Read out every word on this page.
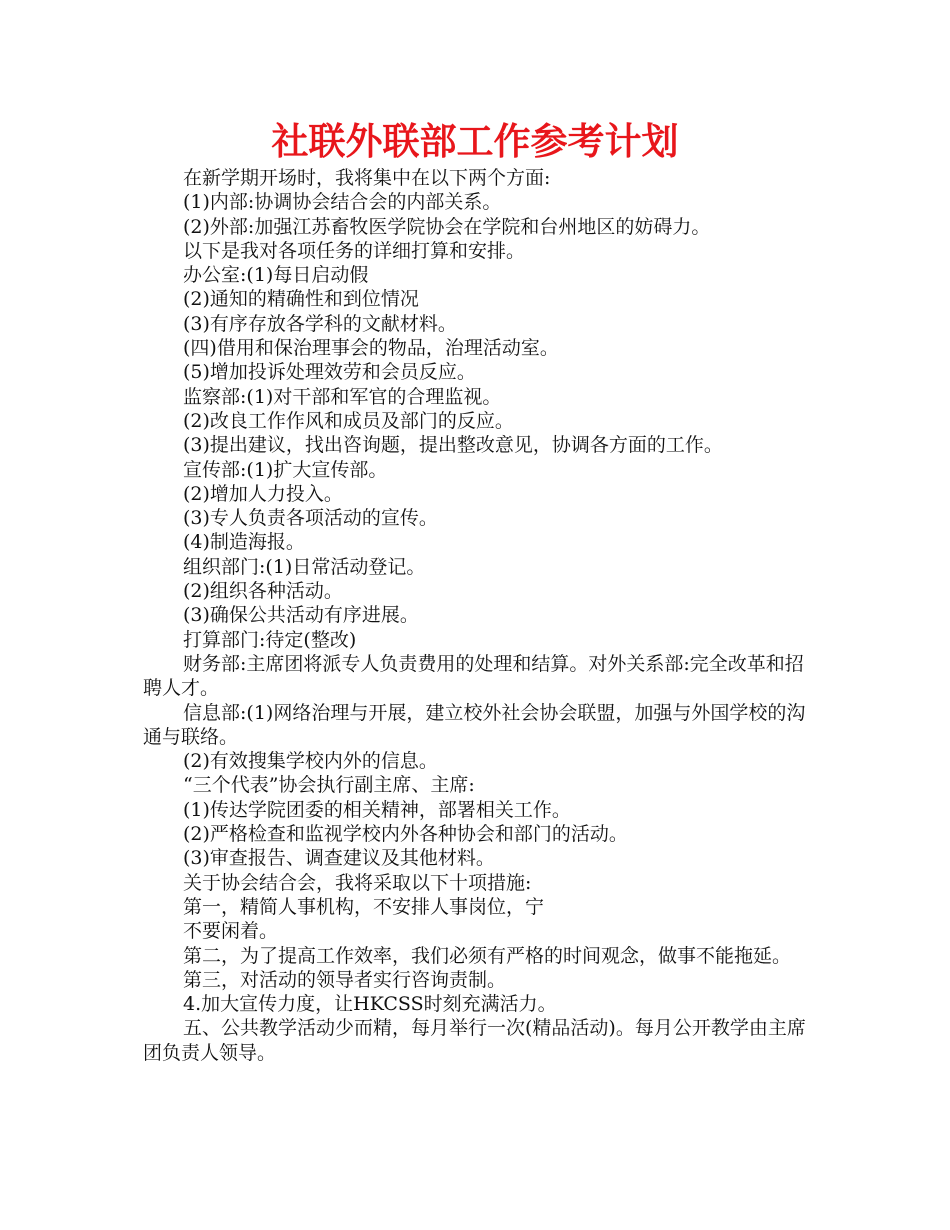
社联外联部工作参考计划

在新学期开场时，我将集中在以下两个方面:

(1)内部:协调协会结合会的内部关系。

(2)外部:加强江苏畜牧医学院协会在学院和台州地区的妨碍力。

以下是我对各项任务的详细打算和安排。

办公室:(1)每日启动假

(2)通知的精确性和到位情况

(3)有序存放各学科的文献材料。

(四)借用和保治理事会的物品，治理活动室。

(5)增加投诉处理效劳和会员反应。

监察部:(1)对干部和军官的合理监视。

(2)改良工作作风和成员及部门的反应。

(3)提出建议，找出咨询题，提出整改意见，协调各方面的工作。

宣传部:(1)扩大宣传部。

(2)增加人力投入。

(3)专人负责各项活动的宣传。

(4)制造海报。

组织部门:(1)日常活动登记。

(2)组织各种活动。

(3)确保公共活动有序进展。

打算部门:待定(整改)

财务部:主席团将派专人负责费用的处理和结算。对外关系部:完全改革和招聘人才。

信息部:(1)网络治理与开展，建立校外社会协会联盟，加强与外国学校的沟通与联络。

(2)有效搜集学校内外的信息。

“三个代表”协会执行副主席、主席:

(1)传达学院团委的相关精神，部署相关工作。

(2)严格检查和监视学校内外各种协会和部门的活动。

(3)审查报告、调查建议及其他材料。

关于协会结合会，我将采取以下十项措施:

第一，精简人事机构，不安排人事岗位，宁

不要闲着。

第二，为了提高工作效率，我们必须有严格的时间观念，做事不能拖延。

第三，对活动的领导者实行咨询责制。

4.加大宣传力度，让HKCSS时刻充满活力。

五、公共教学活动少而精，每月举行一次(精品活动)。每月公开教学由主席团负责人领导。
